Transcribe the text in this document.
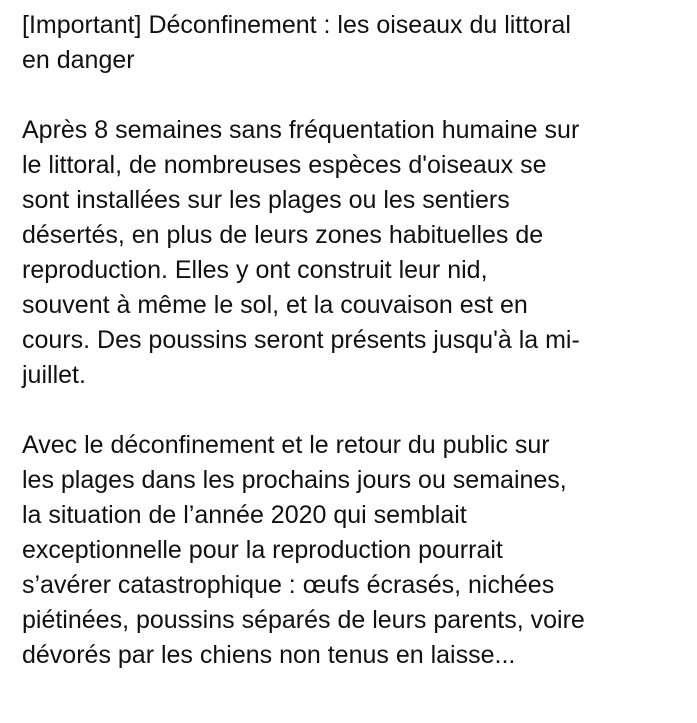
[Important] Déconfinement : les oiseaux du littoral
en danger
Après 8 semaines sans fréquentation humaine sur
le littoral, de nombreuses espèces d'oiseaux se
sont installées sur les plages ou les sentiers
désertés, en plus de leurs zones habituelles de
reproduction. Elles y ont construit leur nid,
souvent à même le sol, et la couvaison est en
cours. Des poussins seront présents jusqu'à la mi-
juillet.
Avec le déconfinement et le retour du public sur
les plages dans les prochains jours ou semaines,
la situation de l’année 2020 qui semblait
exceptionnelle pour la reproduction pourrait
s’avérer catastrophique : œufs écrasés, nichées
piétinées, poussins séparés de leurs parents, voire
dévorés par les chiens non tenus en laisse...
